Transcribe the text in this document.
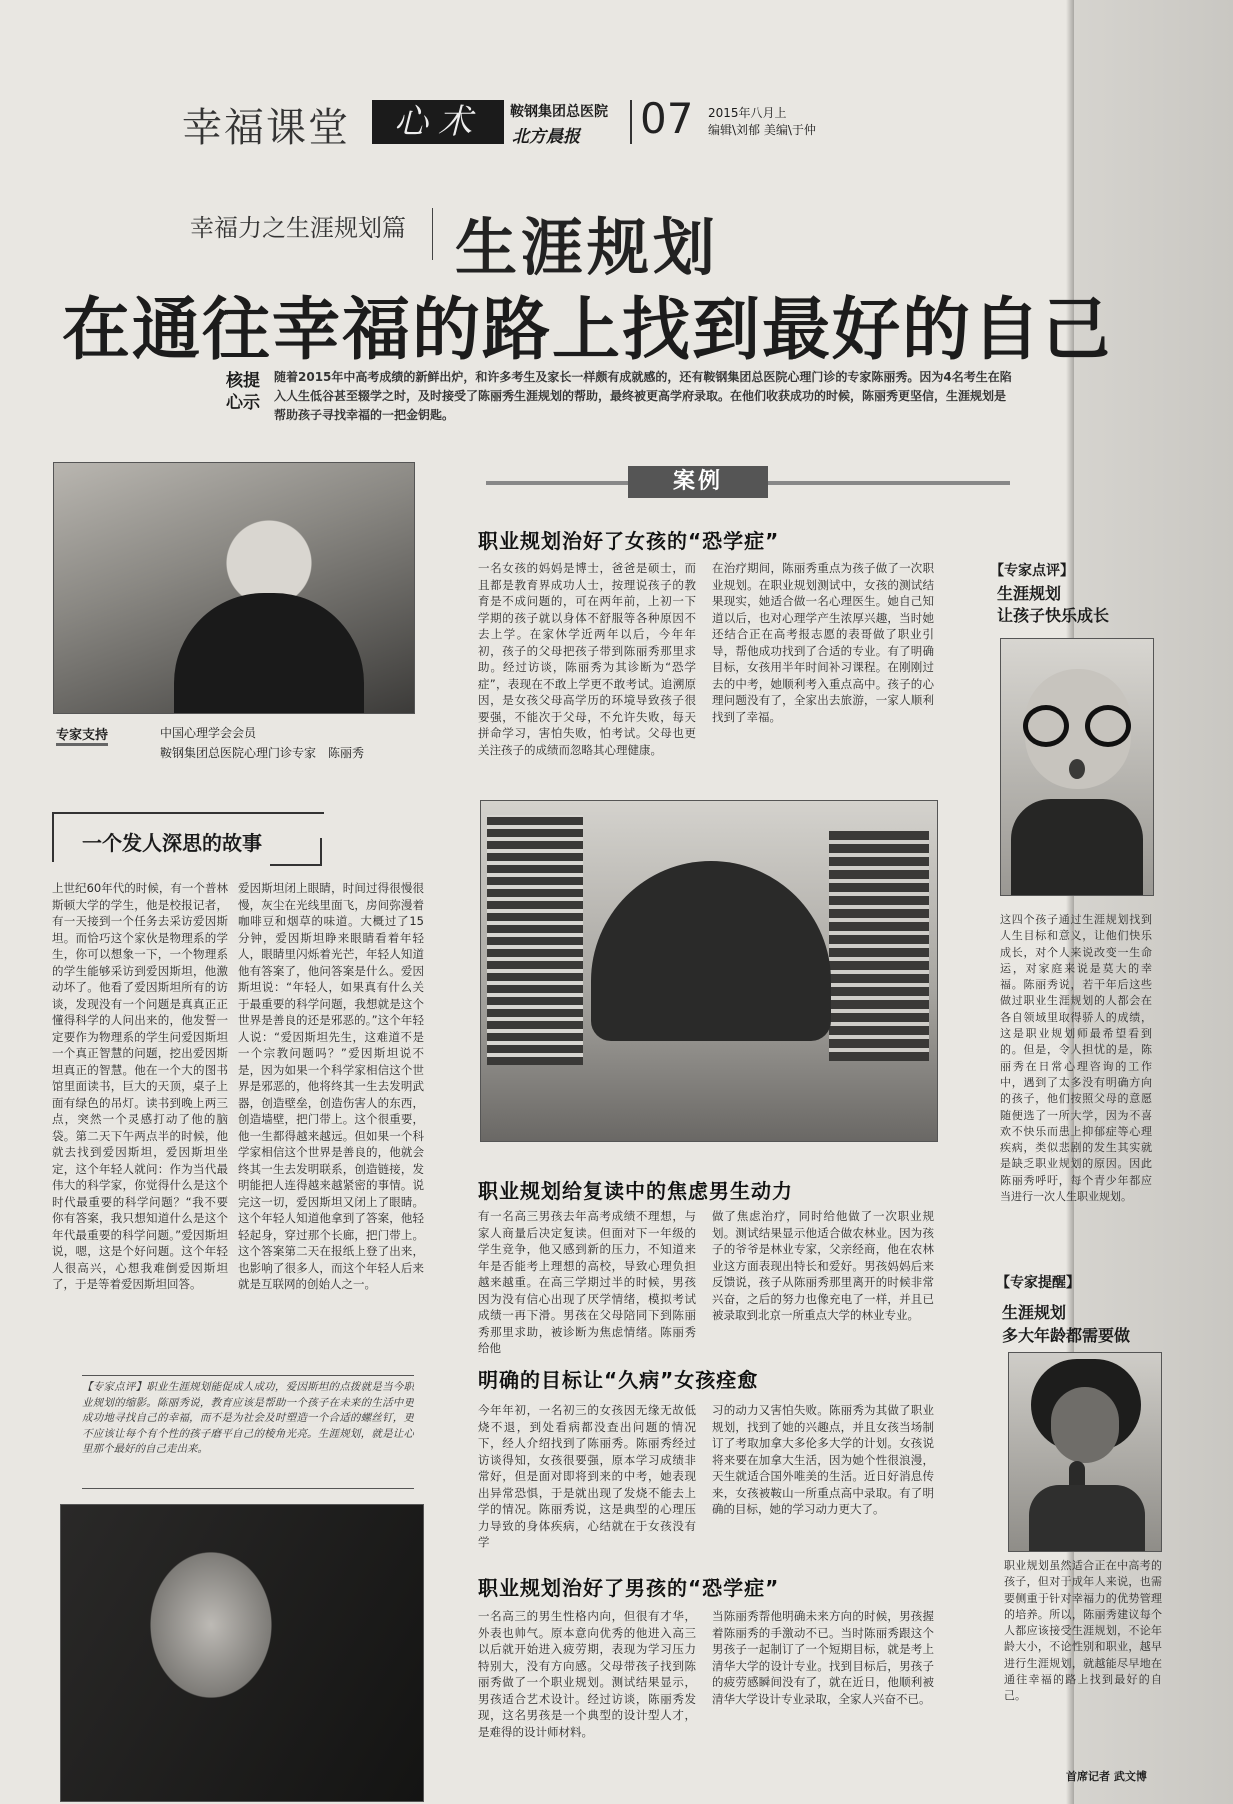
幸福课堂	心术	鞍钢集团总医院
北方晨报 07 2015年八月上
编辑\刘郁 美编\于仲
幸福力之生涯规划篇 生涯规划
在通往幸福的路上找到最好的自己
核提心示
随着2015年中高考成绩的新鲜出炉，和许多考生及家长一样颇有成就感的，还有鞍钢集团总医院心理门诊的专家陈丽秀。因为4名考生在陷入人生低谷甚至辍学之时，及时接受了陈丽秀生涯规划的帮助，最终被更高学府录取。在他们收获成功的时候，陈丽秀更坚信，生涯规划是帮助孩子寻找幸福的一把金钥匙。
专家支持	中国心理学会会员
鞍钢集团总医院心理门诊专家　陈丽秀
一个发人深思的故事
上世纪60年代的时候，有一个普林斯顿大学的学生，他是校报记者，有一天接到一个任务去采访爱因斯坦。而恰巧这个家伙是物理系的学生，你可以想象一下，一个物理系的学生能够采访到爱因斯坦，他激动坏了。他看了爱因斯坦所有的访谈，发现没有一个问题是真真正正懂得科学的人问出来的，他发誓一定要作为物理系的学生问爱因斯坦一个真正智慧的问题，挖出爱因斯坦真正的智慧。他在一个大的图书馆里面读书，巨大的天顶，桌子上面有绿色的吊灯。读书到晚上两三点，突然一个灵感打动了他的脑袋。第二天下午两点半的时候，他就去找到爱因斯坦，爱因斯坦坐定，这个年轻人就问：作为当代最伟大的科学家，你觉得什么是这个时代最重要的科学问题？“我不要你有答案，我只想知道什么是这个年代最重要的科学问题。”爱因斯坦说，嗯，这是个好问题。这个年轻人很高兴，心想我难倒爱因斯坦了，于是等着爱因斯坦回答。
爱因斯坦闭上眼睛，时间过得很慢很慢，灰尘在光线里面飞，房间弥漫着咖啡豆和烟草的味道。大概过了15分钟，爱因斯坦睁来眼睛看着年轻人，眼睛里闪烁着光芒，年轻人知道他有答案了，他问答案是什么。爱因斯坦说：“年轻人，如果真有什么关于最重要的科学问题，我想就是这个世界是善良的还是邪恶的。”这个年轻人说：“爱因斯坦先生，这难道不是一个宗教问题吗？”爱因斯坦说不是，因为如果一个科学家相信这个世界是邪恶的，他将终其一生去发明武器，创造壁垒，创造伤害人的东西，创造墙壁，把门带上。这个很重要，他一生都得越来越远。但如果一个科学家相信这个世界是善良的，他就会终其一生去发明联系，创造链接，发明能把人连得越来越紧密的事情。说完这一切，爱因斯坦又闭上了眼睛。这个年轻人知道他拿到了答案，他轻轻起身，穿过那个长廊，把门带上。这个答案第二天在报纸上登了出来，也影响了很多人，而这个年轻人后来就是互联网的创始人之一。
【专家点评】职业生涯规划能促成人成功，爱因斯坦的点拨就是当今职业规划的缩影。陈丽秀说，教育应该是帮助一个孩子在未来的生活中更成功地寻找自己的幸福，而不是为社会及时塑造一个合适的螺丝钉，更不应该让每个有个性的孩子磨平自己的棱角光亮。生涯规划，就是让心里那个最好的自己走出来。
案例
职业规划治好了女孩的“恐学症”
一名女孩的妈妈是博士，爸爸是硕士，而且都是教育界成功人士，按理说孩子的教育是不成问题的，可在两年前，上初一下学期的孩子就以身体不舒服等各种原因不去上学。在家休学近两年以后，今年年初，孩子的父母把孩子带到陈丽秀那里求助。经过访谈，陈丽秀为其诊断为“恐学症”，表现在不敢上学更不敢考试。追溯原因，是女孩父母高学历的环境导致孩子很要强，不能次于父母，不允许失败，每天拼命学习，害怕失败，怕考试。父母也更关注孩子的成绩而忽略其心理健康。
在治疗期间，陈丽秀重点为孩子做了一次职业规划。在职业规划测试中，女孩的测试结果现实，她适合做一名心理医生。她自己知道以后，也对心理学产生浓厚兴趣，当时她还结合正在高考报志愿的表哥做了职业引导，帮他成功找到了合适的专业。有了明确目标，女孩用半年时间补习课程。在刚刚过去的中考，她顺利考入重点高中。孩子的心理问题没有了，全家出去旅游，一家人顺利找到了幸福。
职业规划给复读中的焦虑男生动力
有一名高三男孩去年高考成绩不理想，与家人商量后决定复读。但面对下一年级的学生竞争，他又感到新的压力，不知道来年是否能考上理想的高校，导致心理负担越来越重。在高三学期过半的时候，男孩因为没有信心出现了厌学情绪，模拟考试成绩一再下滑。男孩在父母陪同下到陈丽秀那里求助，被诊断为焦虑情绪。陈丽秀给他
做了焦虑治疗，同时给他做了一次职业规划。测试结果显示他适合做农林业。因为孩子的爷爷是林业专家，父亲经商，他在农林业这方面表现出特长和爱好。男孩妈妈后来反馈说，孩子从陈丽秀那里离开的时候非常兴奋，之后的努力也像充电了一样，并且已被录取到北京一所重点大学的林业专业。
明确的目标让“久病”女孩痊愈
今年年初，一名初三的女孩因无缘无故低烧不退，到处看病都没查出问题的情况下，经人介绍找到了陈丽秀。陈丽秀经过访谈得知，女孩很要强，原本学习成绩非常好，但是面对即将到来的中考，她表现出异常恐惧，于是就出现了发烧不能去上学的情况。陈丽秀说，这是典型的心理压力导致的身体疾病，心结就在于女孩没有学
习的动力又害怕失败。陈丽秀为其做了职业规划，找到了她的兴趣点，并且女孩当场制订了考取加拿大多伦多大学的计划。女孩说将来要在加拿大生活，因为她个性很浪漫，天生就适合国外唯美的生活。近日好消息传来，女孩被鞍山一所重点高中录取。有了明确的目标，她的学习动力更大了。
职业规划治好了男孩的“恐学症”
一名高三的男生性格内向，但很有才华，外表也帅气。原本意向优秀的他进入高三以后就开始进入疲劳期，表现为学习压力特别大，没有方向感。父母带孩子找到陈丽秀做了一个职业规划。测试结果显示，男孩适合艺术设计。经过访谈，陈丽秀发现，这名男孩是一个典型的设计型人才，是难得的设计师材料。
当陈丽秀帮他明确未来方向的时候，男孩握着陈丽秀的手激动不已。当时陈丽秀跟这个男孩子一起制订了一个短期目标，就是考上清华大学的设计专业。找到目标后，男孩子的疲劳感瞬间没有了，就在近日，他顺利被清华大学设计专业录取，全家人兴奋不已。
【专家点评】
生涯规划
让孩子快乐成长
这四个孩子通过生涯规划找到人生目标和意义，让他们快乐成长，对个人来说改变一生命运，对家庭来说是莫大的幸福。陈丽秀说，若干年后这些做过职业生涯规划的人都会在各自领域里取得骄人的成绩，这是职业规划师最希望看到的。但是，令人担忧的是，陈丽秀在日常心理咨询的工作中，遇到了太多没有明确方向的孩子，他们按照父母的意愿随便选了一所大学，因为不喜欢不快乐而患上抑郁症等心理疾病，类似悲剧的发生其实就是缺乏职业规划的原因。因此陈丽秀呼吁，每个青少年都应当进行一次人生职业规划。
【专家提醒】
生涯规划
多大年龄都需要做
职业规划虽然适合正在中高考的孩子，但对于成年人来说，也需要侧重于针对幸福力的优势管理的培养。所以，陈丽秀建议每个人都应该接受生涯规划，不论年龄大小，不论性别和职业，越早进行生涯规划，就越能尽早地在通往幸福的路上找到最好的自己。
首席记者 武文博
